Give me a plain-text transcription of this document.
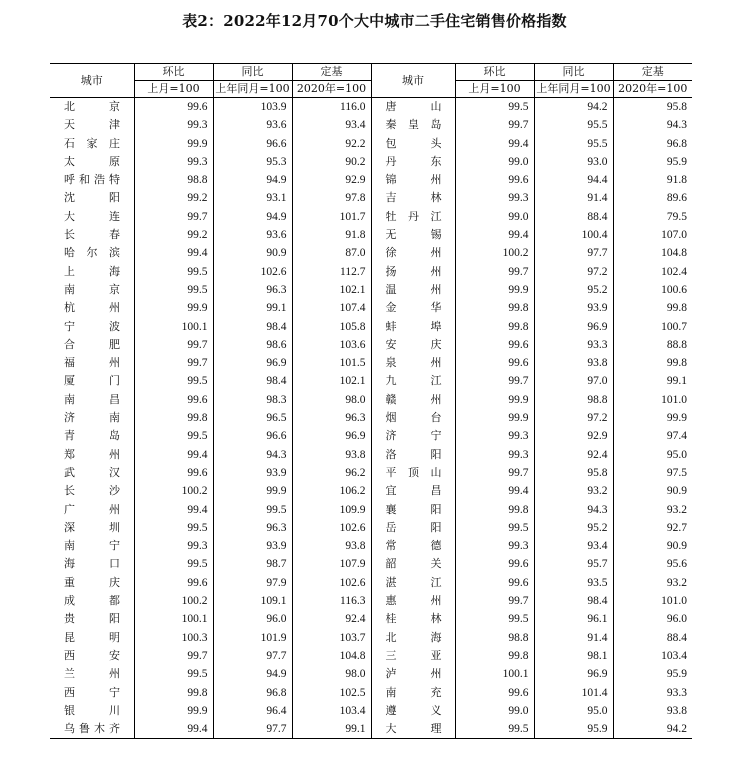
表2：2022年12月70个大中城市二手住宅销售价格指数
城市	环比	同比	定基	城市	环比	同比	定基
	上月=100	上年同月=100	2020年=100		上月=100	上年同月=100	2020年=100
北　京	99.6	103.9	116.0	唐　山	99.5	94.2	95.8
天　津	99.3	93.6	93.4	秦皇岛	99.7	95.5	94.3
石家庄	99.9	96.6	92.2	包　头	99.4	95.5	96.8
太　原	99.3	95.3	90.2	丹　东	99.0	93.0	95.9
呼和浩特	98.8	94.9	92.9	锦　州	99.6	94.4	91.8
沈　阳	99.2	93.1	97.8	吉　林	99.3	91.4	89.6
大　连	99.7	94.9	101.7	牡丹江	99.0	88.4	79.5
长　春	99.2	93.6	91.8	无　锡	99.4	100.4	107.0
哈尔滨	99.4	90.9	87.0	徐　州	100.2	97.7	104.8
上　海	99.5	102.6	112.7	扬　州	99.7	97.2	102.4
南　京	99.5	96.3	102.1	温　州	99.9	95.2	100.6
杭　州	99.9	99.1	107.4	金　华	99.8	93.9	99.8
宁　波	100.1	98.4	105.8	蚌　埠	99.8	96.9	100.7
合　肥	99.7	98.6	103.6	安　庆	99.6	93.3	88.8
福　州	99.7	96.9	101.5	泉　州	99.6	93.8	99.8
厦　门	99.5	98.4	102.1	九　江	99.7	97.0	99.1
南　昌	99.6	98.3	98.0	赣　州	99.9	98.8	101.0
济　南	99.8	96.5	96.3	烟　台	99.9	97.2	99.9
青　岛	99.5	96.6	96.9	济　宁	99.3	92.9	97.4
郑　州	99.4	94.3	93.8	洛　阳	99.3	92.4	95.0
武　汉	99.6	93.9	96.2	平顶山	99.7	95.8	97.5
长　沙	100.2	99.9	106.2	宜　昌	99.4	93.2	90.9
广　州	99.4	99.5	109.9	襄　阳	99.8	94.3	93.2
深　圳	99.5	96.3	102.6	岳　阳	99.5	95.2	92.7
南　宁	99.3	93.9	93.8	常　德	99.3	93.4	90.9
海　口	99.5	98.7	107.9	韶　关	99.6	95.7	95.6
重　庆	99.6	97.9	102.6	湛　江	99.6	93.5	93.2
成　都	100.2	109.1	116.3	惠　州	99.7	98.4	101.0
贵　阳	100.1	96.0	92.4	桂　林	99.5	96.1	96.0
昆　明	100.3	101.9	103.7	北　海	98.8	91.4	88.4
西　安	99.7	97.7	104.8	三　亚	99.8	98.1	103.4
兰　州	99.5	94.9	98.0	泸　州	100.1	96.9	95.9
西　宁	99.8	96.8	102.5	南　充	99.6	101.4	93.3
银　川	99.9	96.4	103.4	遵　义	99.0	95.0	93.8
乌鲁木齐	99.4	97.7	99.1	大　理	99.5	95.9	94.2
